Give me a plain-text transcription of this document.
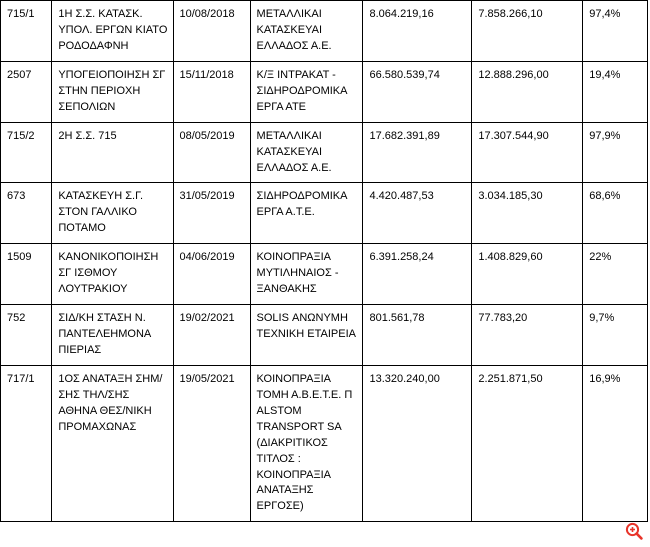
715/1	1Η Σ.Σ. ΚΑΤΑΣΚ. ΥΠΟΛ. ΕΡΓΩΝ ΚΙΑΤΟ ΡΟΔΟΔΑΦΝΗ	10/08/2018	ΜΕΤΑΛΛΙΚΑΙ ΚΑΤΑΣΚΕΥΑΙ ΕΛΛΑΔΟΣ Α.Ε.	8.064.219,16	7.858.266,10	97,4%

2507	ΥΠΟΓΕΙΟΠΟΙΗΣΗ ΣΓ ΣΤΗΝ ΠΕΡΙΟΧΗ ΣΕΠΟΛΙΩΝ	15/11/2018	Κ/Ξ ΙΝΤΡΑΚΑΤ - ΣΙΔΗΡΟΔΡΟΜΙΚΑ ΕΡΓΑ ΑΤΕ	66.580.539,74	12.888.296,00	19,4%

715/2	2Η Σ.Σ. 715	08/05/2019	ΜΕΤΑΛΛΙΚΑΙ ΚΑΤΑΣΚΕΥΑΙ ΕΛΛΑΔΟΣ Α.Ε.	17.682.391,89	17.307.544,90	97,9%

673	ΚΑΤΑΣΚΕΥΗ Σ.Γ. ΣΤΟΝ ΓΑΛΛΙΚΟ ΠΟΤΑΜΟ	31/05/2019	ΣΙΔΗΡΟΔΡΟΜΙΚΑ ΕΡΓΑ Α.Τ.Ε.	4.420.487,53	3.034.185,30	68,6%

1509	ΚΑΝΟΝΙΚΟΠΟΙΗΣΗ ΣΓ ΙΣΘΜΟΥ ΛΟΥΤΡΑΚΙΟΥ	04/06/2019	ΚΟΙΝΟΠΡΑΞΙΑ ΜΥΤΙΛΗΝΑΙΟΣ - ΞΑΝΘΑΚΗΣ	6.391.258,24	1.408.829,60	22%

752	ΣΙΔ/ΚΗ ΣΤΑΣΗ Ν. ΠΑΝΤΕΛΕΗΜΟΝΑ ΠΙΕΡΙΑΣ	19/02/2021	SOLIS ΑΝΩΝΥΜΗ ΤΕΧΝΙΚΗ ΕΤΑΙΡΕΙΑ	801.561,78	77.783,20	9,7%

717/1	1ΟΣ ΑΝΑΤΑΞΗ ΣΗΜ/ΣΗΣ ΤΗΛ/ΣΗΣ ΑΘΗΝΑ ΘΕΣ/ΝΙΚΗ ΠΡΟΜΑΧΩΝΑΣ	19/05/2021	ΚΟΙΝΟΠΡΑΞΙΑ ΤΟΜΗ Α.Β.Ε.Τ.Ε. Π ALSTOM TRANSPORT SA (ΔΙΑΚΡΙΤΙΚΟΣ ΤΙΤΛΟΣ : ΚΟΙΝΟΠΡΑΞΙΑ ΑΝΑΤΑΞΗΣ ΕΡΓΟΣΕ)	13.320.240,00	2.251.871,50	16,9%
